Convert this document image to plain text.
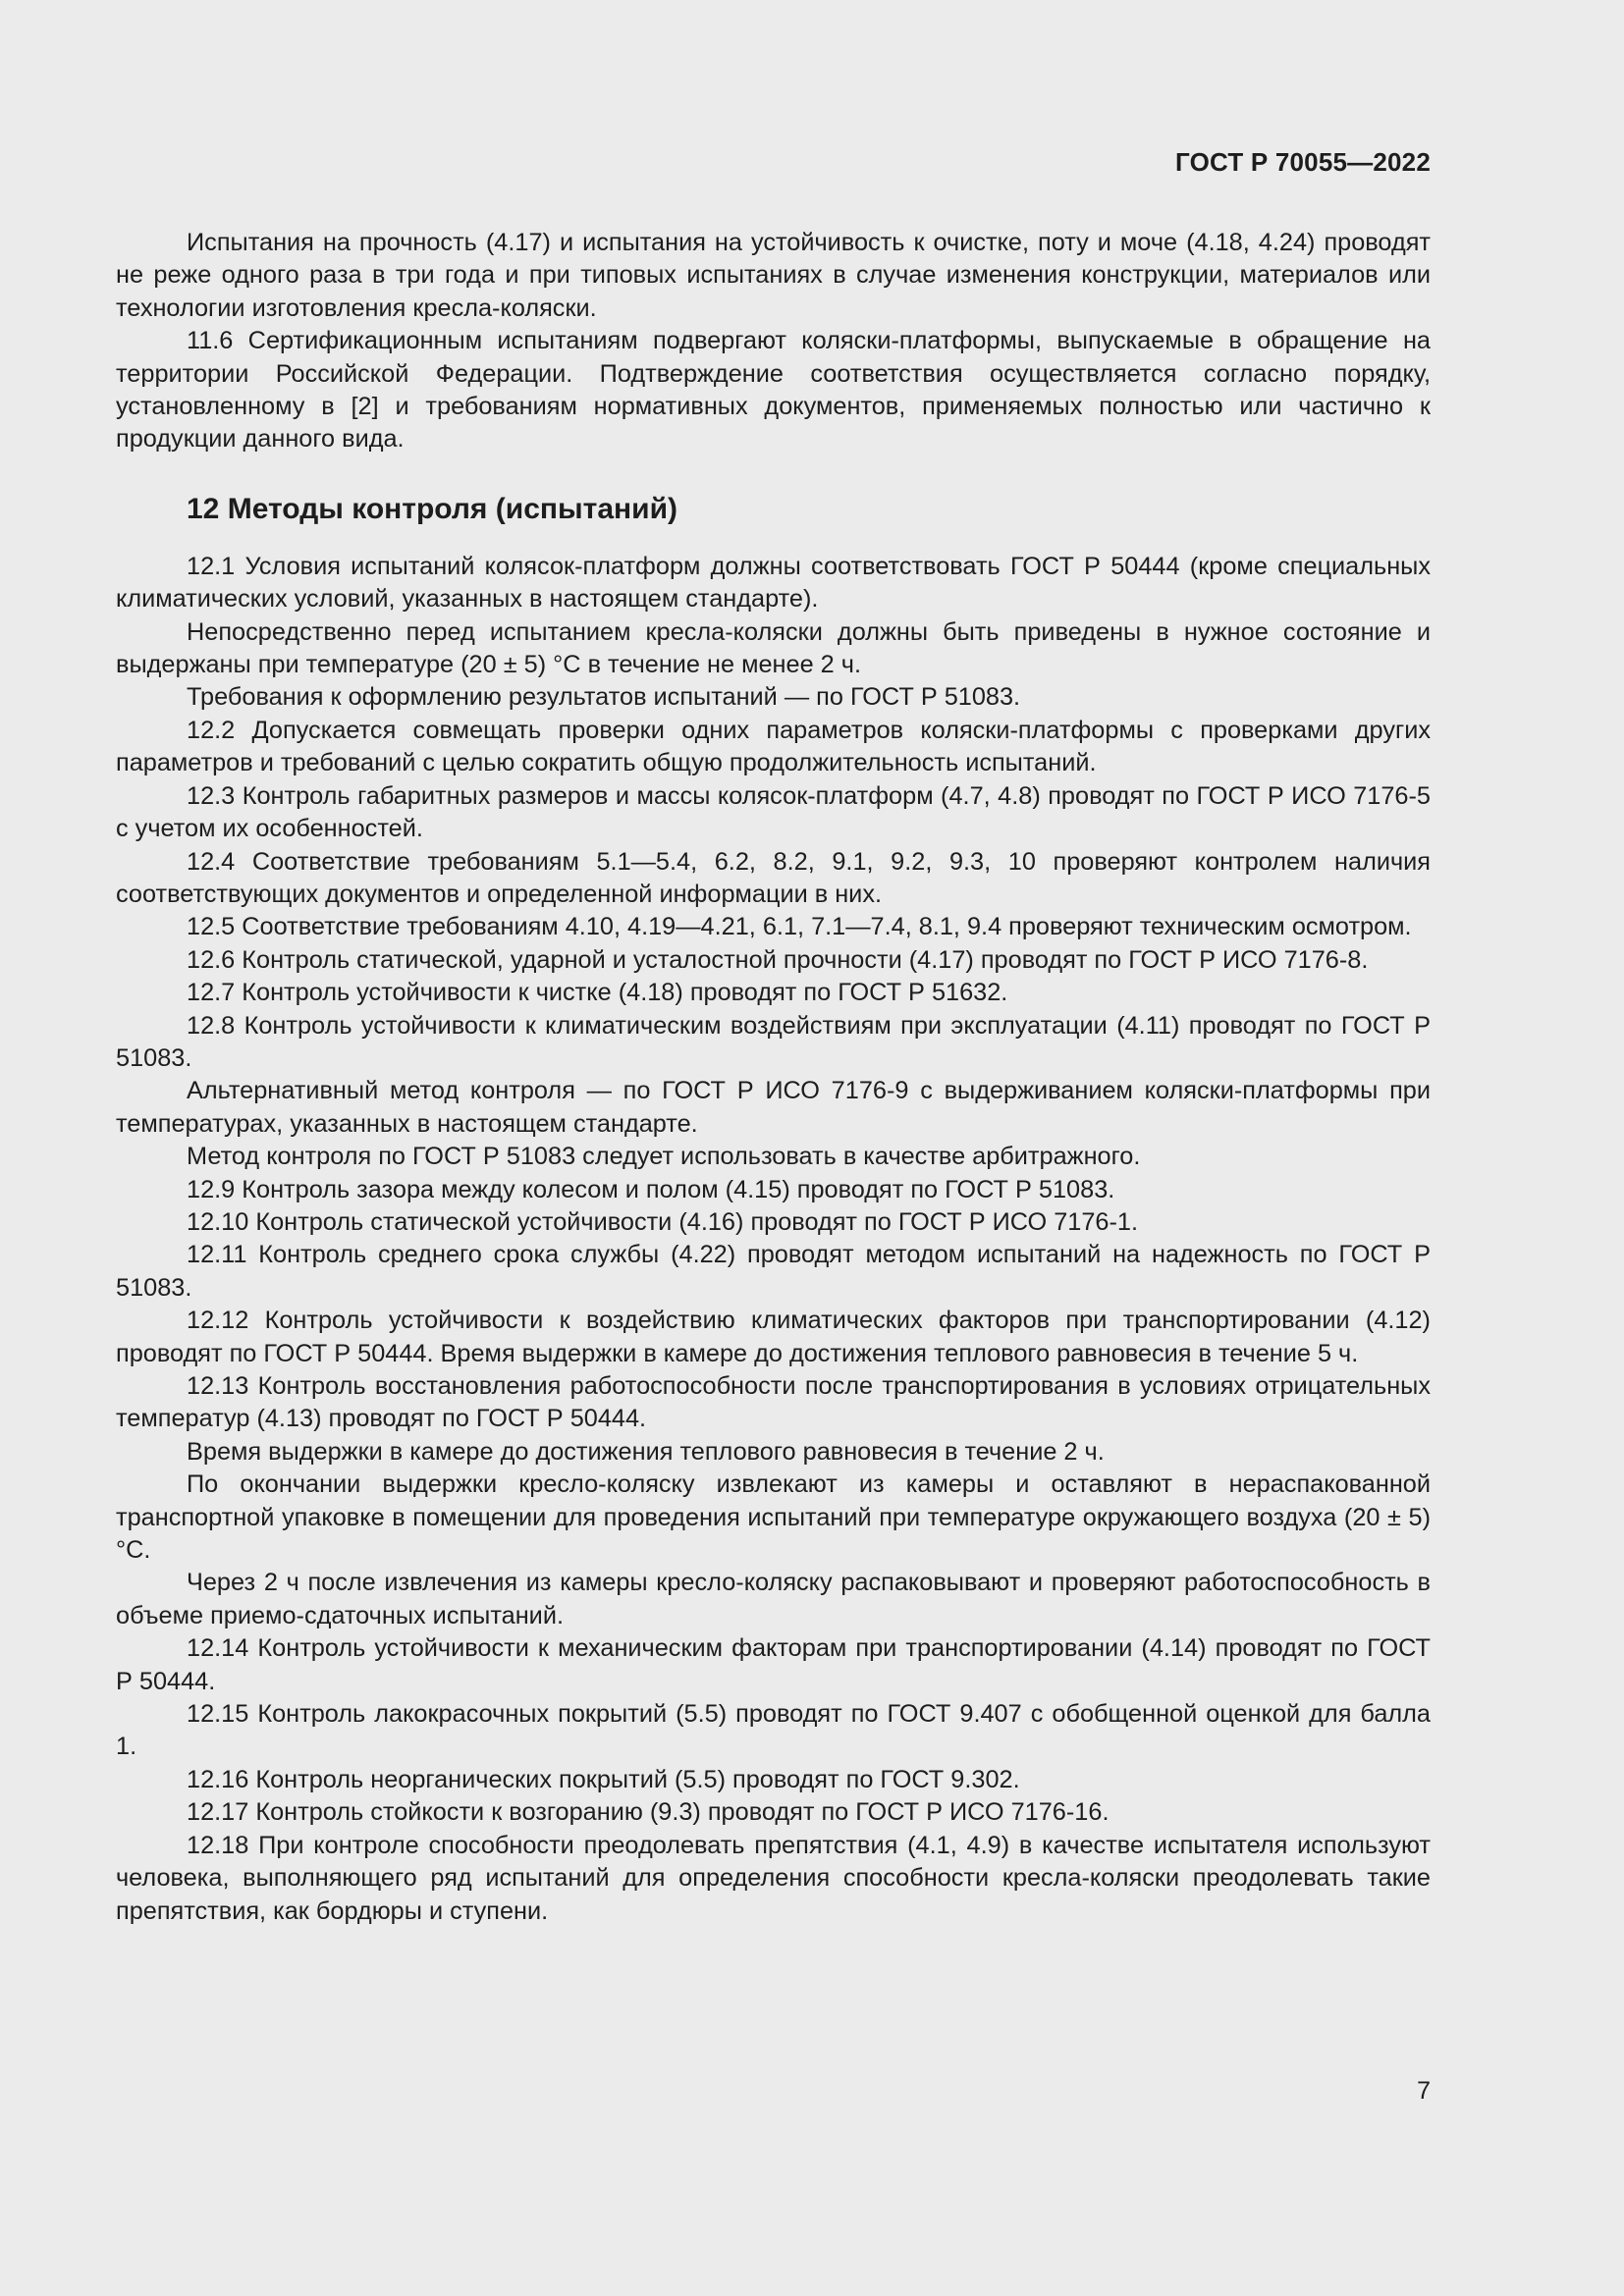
ГОСТ Р 70055—2022

Испытания на прочность (4.17) и испытания на устойчивость к очистке, поту и моче (4.18, 4.24) проводят не реже одного раза в три года и при типовых испытаниях в случае изменения конструкции, материалов или технологии изготовления кресла-коляски.

11.6 Сертификационным испытаниям подвергают коляски-платформы, выпускаемые в обращение на территории Российской Федерации. Подтверждение соответствия осуществляется согласно порядку, установленному в [2] и требованиям нормативных документов, применяемых полностью или частично к продукции данного вида.

12 Методы контроля (испытаний)

12.1 Условия испытаний колясок-платформ должны соответствовать ГОСТ Р 50444 (кроме специальных климатических условий, указанных в настоящем стандарте).

Непосредственно перед испытанием кресла-коляски должны быть приведены в нужное состояние и выдержаны при температуре (20 ± 5) °С в течение не менее 2 ч.

Требования к оформлению результатов испытаний — по ГОСТ Р 51083.

12.2 Допускается совмещать проверки одних параметров коляски-платформы с проверками других параметров и требований с целью сократить общую продолжительность испытаний.

12.3 Контроль габаритных размеров и массы колясок-платформ (4.7, 4.8) проводят по ГОСТ Р ИСО 7176-5 с учетом их особенностей.

12.4 Соответствие требованиям 5.1—5.4, 6.2, 8.2, 9.1, 9.2, 9.3, 10 проверяют контролем наличия соответствующих документов и определенной информации в них.

12.5 Соответствие требованиям 4.10, 4.19—4.21, 6.1, 7.1—7.4, 8.1, 9.4 проверяют техническим осмотром.

12.6 Контроль статической, ударной и усталостной прочности (4.17) проводят по ГОСТ Р ИСО 7176-8.

12.7 Контроль устойчивости к чистке (4.18) проводят по ГОСТ Р 51632.

12.8 Контроль устойчивости к климатическим воздействиям при эксплуатации (4.11) проводят по ГОСТ Р 51083.

Альтернативный метод контроля — по ГОСТ Р ИСО 7176-9 с выдерживанием коляски-платформы при температурах, указанных в настоящем стандарте.

Метод контроля по ГОСТ Р 51083 следует использовать в качестве арбитражного.

12.9 Контроль зазора между колесом и полом (4.15) проводят по ГОСТ Р 51083.

12.10 Контроль статической устойчивости (4.16) проводят по ГОСТ Р ИСО 7176-1.

12.11 Контроль среднего срока службы (4.22) проводят методом испытаний на надежность по ГОСТ Р 51083.

12.12 Контроль устойчивости к воздействию климатических факторов при транспортировании (4.12) проводят по ГОСТ Р 50444. Время выдержки в камере до достижения теплового равновесия в течение 5 ч.

12.13 Контроль восстановления работоспособности после транспортирования в условиях отрицательных температур (4.13) проводят по ГОСТ Р 50444.

Время выдержки в камере до достижения теплового равновесия в течение 2 ч.

По окончании выдержки кресло-коляску извлекают из камеры и оставляют в нераспакованной транспортной упаковке в помещении для проведения испытаний при температуре окружающего воздуха (20 ± 5) °С.

Через 2 ч после извлечения из камеры кресло-коляску распаковывают и проверяют работоспособность в объеме приемо-сдаточных испытаний.

12.14 Контроль устойчивости к механическим факторам при транспортировании (4.14) проводят по ГОСТ Р 50444.

12.15 Контроль лакокрасочных покрытий (5.5) проводят по ГОСТ 9.407 с обобщенной оценкой для балла 1.

12.16 Контроль неорганических покрытий (5.5) проводят по ГОСТ 9.302.

12.17 Контроль стойкости к возгоранию (9.3) проводят по ГОСТ Р ИСО 7176-16.

12.18 При контроле способности преодолевать препятствия (4.1, 4.9) в качестве испытателя используют человека, выполняющего ряд испытаний для определения способности кресла-коляски преодолевать такие препятствия, как бордюры и ступени.

7
